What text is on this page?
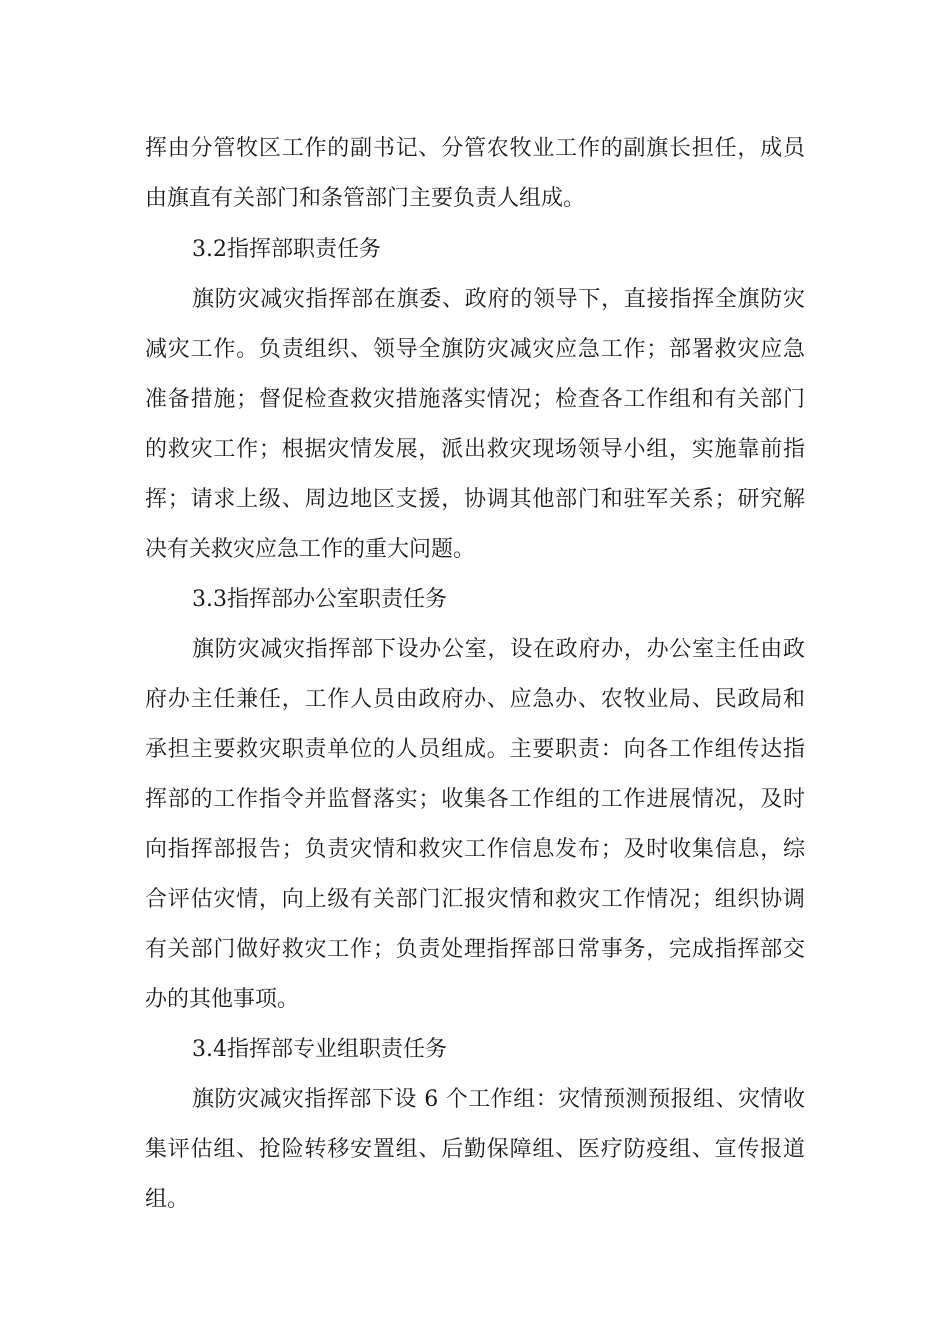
挥由分管牧区工作的副书记、分管农牧业工作的副旗长担任，成员
由旗直有关部门和条管部门主要负责人组成。
3.2指挥部职责任务
旗防灾减灾指挥部在旗委、政府的领导下，直接指挥全旗防灾
减灾工作。负责组织、领导全旗防灾减灾应急工作；部署救灾应急
准备措施；督促检查救灾措施落实情况；检查各工作组和有关部门
的救灾工作；根据灾情发展，派出救灾现场领导小组，实施靠前指
挥；请求上级、周边地区支援，协调其他部门和驻军关系；研究解
决有关救灾应急工作的重大问题。
3.3指挥部办公室职责任务
旗防灾减灾指挥部下设办公室，设在政府办，办公室主任由政
府办主任兼任，工作人员由政府办、应急办、农牧业局、民政局和
承担主要救灾职责单位的人员组成。主要职责：向各工作组传达指
挥部的工作指令并监督落实；收集各工作组的工作进展情况，及时
向指挥部报告；负责灾情和救灾工作信息发布；及时收集信息，综
合评估灾情，向上级有关部门汇报灾情和救灾工作情况；组织协调
有关部门做好救灾工作；负责处理指挥部日常事务，完成指挥部交
办的其他事项。
3.4指挥部专业组职责任务
旗防灾减灾指挥部下设 6 个工作组：灾情预测预报组、灾情收
集评估组、抢险转移安置组、后勤保障组、医疗防疫组、宣传报道
组。
